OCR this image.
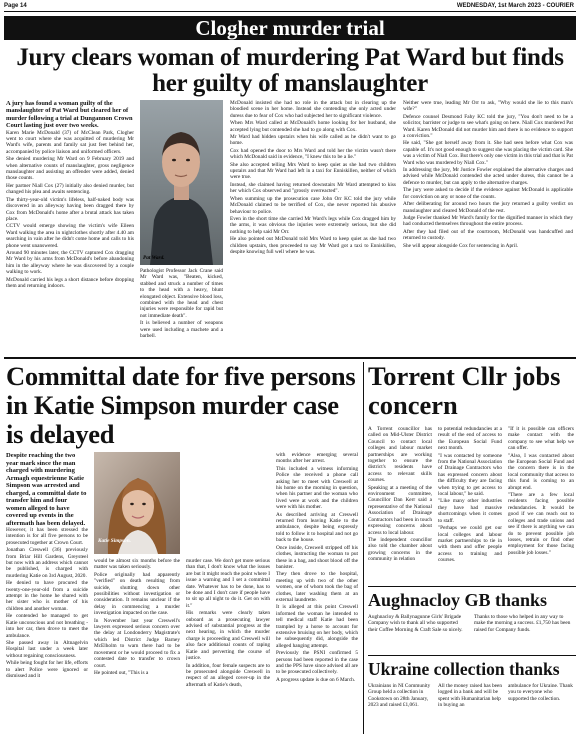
Page 14	WEDNESDAY, 1st March 2023 - COURIER
Clogher murder trial
Jury clears woman of murdering Pat Ward but finds her guilty of manslaughter
A jury has found a woman guilty of the manslaughter of Pat Ward but cleared her of murder following a trial at Dungannon Crown Court lasting just over two weeks.

Karen Marie McDonald (37) of McClean Park, Clogher went to court where she was acquitted of murdering Mr Ward's wife, parents and family sat just feet behind her, accompanied by police liaison and uniformed officers.

She denied murdering Mr Ward on 9 February 2019 and when alternative counts of manslaughter, gross negligence manslaughter and assisting an offender were added, denied those counts.

Her partner Niall Cox (27) initially also denied murder, but changed his plea and awaits sentencing.

The thirty-year-old victim's lifeless, half-naked body was discovered in an alleyway having been dragged there by Cox from McDonald's home after a brutal attack has taken place.

CCTV would emerge showing the victim's wife Eileen Ward walking the area in nightclothes shortly after 4.40 am searching in vain after he didn't come home and calls to his phone went unanswered.

Around 90 minutes later, the CCTV captured Cox dragging Mr Ward by his arms from McDonald's before abandoning him in the alleyway where he was discovered by a couple walking to work.

McDonald carried his legs a short distance before dropping them and returning indoors.

Pat Ward.

Pathologist Professor Jack Crane said Mr Ward was, "Beaten, kicked, stabbed and struck a number of times to the head with a heavy, blunt elongated object. Extensive blood loss, combined with the head and chest injuries were responsible for rapid but not immediate death".

It is believed a number of weapons were used including a machete and a barbell.

McDonald insisted she had no role in the attack but in clearing up the bloodied scene in her home. Instead she contending she only acted under duress due to fear of Cox who had subjected her to significant violence.

When Mrs Ward called at McDonald's home looking for her husband, she accepted lying but contended she had to go along with Cox.

Mr Ward had hidden upstairs when his wife called as he didn't want to go home.

Cox had opened the door to Mrs Ward and told her the victim wasn't there which McDonald said in evidence, "I knew this to be a lie."

She also accepted telling Mrs Ward to keep quiet as she had two children upstairs and that Mr Ward had left in a taxi for Enniskillen, neither of which were true.

Instead, she claimed having returned downstairs Mr Ward attempted to kiss her which Cox observed and "grossly overreacted".

When summing up the prosecution case John Orr KC told the jury while McDonald claimed to be terrified of Cox, she never reported his abusive behaviour to police.

Even in the short time she carried Mr Ward's legs while Cox dragged him by the arms, it was obvious the injuries were extremely serious, but she did nothing to help said Mr Orr.

He also pointed out McDonald told Mrs Ward to keep quiet as she had two children upstairs, then proceeded to say Mr Ward got a taxi to Enniskillen, despite knowing full well where he was.

Neither were true, leading Mr Orr to ask, "Why would she lie to this man's wife?"

Defence counsel Desmond Fahy KC told the jury, "You don't need to be a solicitor, barrister or judge to see what's going on here. Niall Cox murdered Pat Ward. Karen McDonald did not murder him and there is no evidence to support a conviction."

He said, "She got herself away from it. She had seen before what Cox was capable of. It's not good enough to suggest she was placing the victim card. She was a victim of Niall Cox. But there's only one victim in this trial and that is Pat Ward who was murdered by Niall Cox."

In addressing the jury, Mr Justice Fowler explained the alternative charges and advised while McDonald contended she acted under duress, this cannot be a defence to murder, but can apply to the alternative charges.

The jury were asked to decide if the evidence against McDonald is applicable for conviction on any or none of the counts.

After deliberating for around two hours the jury returned a guilty verdict on manslaughter and cleared McDonald of the rest.

Judge Fowler thanked Mr Ward's family for the dignified manner in which they had conducted themselves throughout the entire process.

After they had filed out of the courtroom, McDonald was handcuffed and returned to custody.

She will appear alongside Cox for sentencing in April.

Committal date for five persons in Katie Simpson murder case is delayed
Despite reaching the two year mark since the man charged with murdering Armagh equestrienne Katie Simpson was arrested and charged, a committal date to transfer him and four women alleged to have covered up events in the aftermath has been delayed.

However, it has been stressed the intention is for all five persons to be prosecuted together at Crown Court.

Jonathan Creswell (36) previously from Briar Hill Gardens, Greysteel but now with an address which cannot be published, is charged with murdering Katie on 3rd August, 2020.

He denied to have procured the twenty-one-year-old from a suicide attempt in the home he shared with her sister who is mother of his children and another woman.

He contended he managed to get Katie unconscious and not breathing - into her car, then drove to meet the ambulance.

She passed away in Altnagelvin Hospital last under a week later without regaining consciousness.

While being fought for her life, efforts to alert Police were ignored or dismissed and it

Katie Simpson.

would be almost six months before the matter was taken seriously.

Police originally had apparently "verified" on death resulting from suicide, shutting down other possibilities without investigation or consideration. It remains unclear if the delay in commencing a murder investigation impacted on the case.

In November last year Creswell's lawyers expressed serious concern over the delay at Londonderry Magistrate's which led District Judge Barney McElholm to warn there had to be movement or he would proceed to fix a contested date to transfer to crown court.

He pointed out, "This is a

murder case. We don't get more serious than that, I don't know what the issues are but it might reach the point where I issue a warning and I set a committal date. Whatever has to be done, has to be done and I don't care if people have to sit up all night to do it. Get on with it."

His remarks were clearly taken onboard as a prosecuting lawyer advised of substantial progress at the next hearing, in which the murder charge is proceeding and Creswell will also face additional counts of raping Katie and perverting the course of justice.

In addition, four female suspects are to be prosecuted alongside Creswell in respect of an alleged cover-up in the aftermath of Katie's death,

with evidence emerging several months after her arrest.

This included a witness informing Police she received a phone call asking her to meet with Creswell at his home on the morning in question, when his partner and the woman who lived were at work and the children were with his mother.

As described arriving at Creswell returned from leaving Katie to the ambulance, despite being expressly told to follow it to hospital and not go back to the house.

Once inside, Creswell stripped off his clothes, instructing the woman to put these in a bag, and shoot blood off the banister.

They then drove to the hospital, meeting up with two of the other women, one of whom took the bag of clothes, later washing them at an external laundrette.

It is alleged at this point Creswell informed the woman he intended to tell medical staff Katie had been trampled by a horse to account for extensive bruising on her body, which he subsequently did, alongside the alleged hanging attempt.

Previously the PSNI confirmed 5 persons had been reported in the case and the PPS have since advised all are to be prosecuted collectively.

A progress update is due on 6 March.

Torrent Cllr jobs concern

A Torrent councillor has called on Mid-Ulster District Council to contact local colleges and labour market partnerships are working together to ensure the district's residents have access to relevant skills courses.

Speaking at a meeting of the environment committee, Councillor Dan Kerr said a representative of the National Association of Drainage Contractors had been in touch expressing concerns about access to local labour.

The independent councillor also told the chamber about growing concerns in the community in relation

to potential redundancies at a result of the end of access to the European Social Fund next month.

"I was contacted by someone from the National Association of Drainage Contractors who has expressed concern about the difficulty they are facing when trying to get access to local labour," he said.

"Like many other industries they have had massive shortcomings when it comes to staff.

"Perhaps we could get our local colleges and labour market partnerships to tie in with them and offer people access to training and courses.

"If it is possible can officers make contact with the company to see what help we can offer.

"Also, I was contacted about the European Social Fund and the concern there is in the local community that access to this fund is coming to an abrupt end.

"There are a few local residents facing possible redundancies. It would be good if we can reach out to colleges and trade unions and see if there is anything we can do to prevent possible job losses, retrain or find other employment for those facing possible job losses."

Aughnacloy GB thanks
Aughnacloy & Ballynagunne Girls' Brigade Company wish to thank all who supported their Coffee Morning & Craft Sale so nicely.
Thanks to those who helped in any way to make the morning a success. £1,750 has been raised for Company funds.
Ukraine collection thanks
Ukrainians in NI Community Group held a collection in Cookstown on 28th January, 2023 and raised £1,061.
All the money raised has been logged in a bank and will be spent with Humanitarian help in buying an
ambulance for Ukraine. Thank you to everyone who supported the collection.
